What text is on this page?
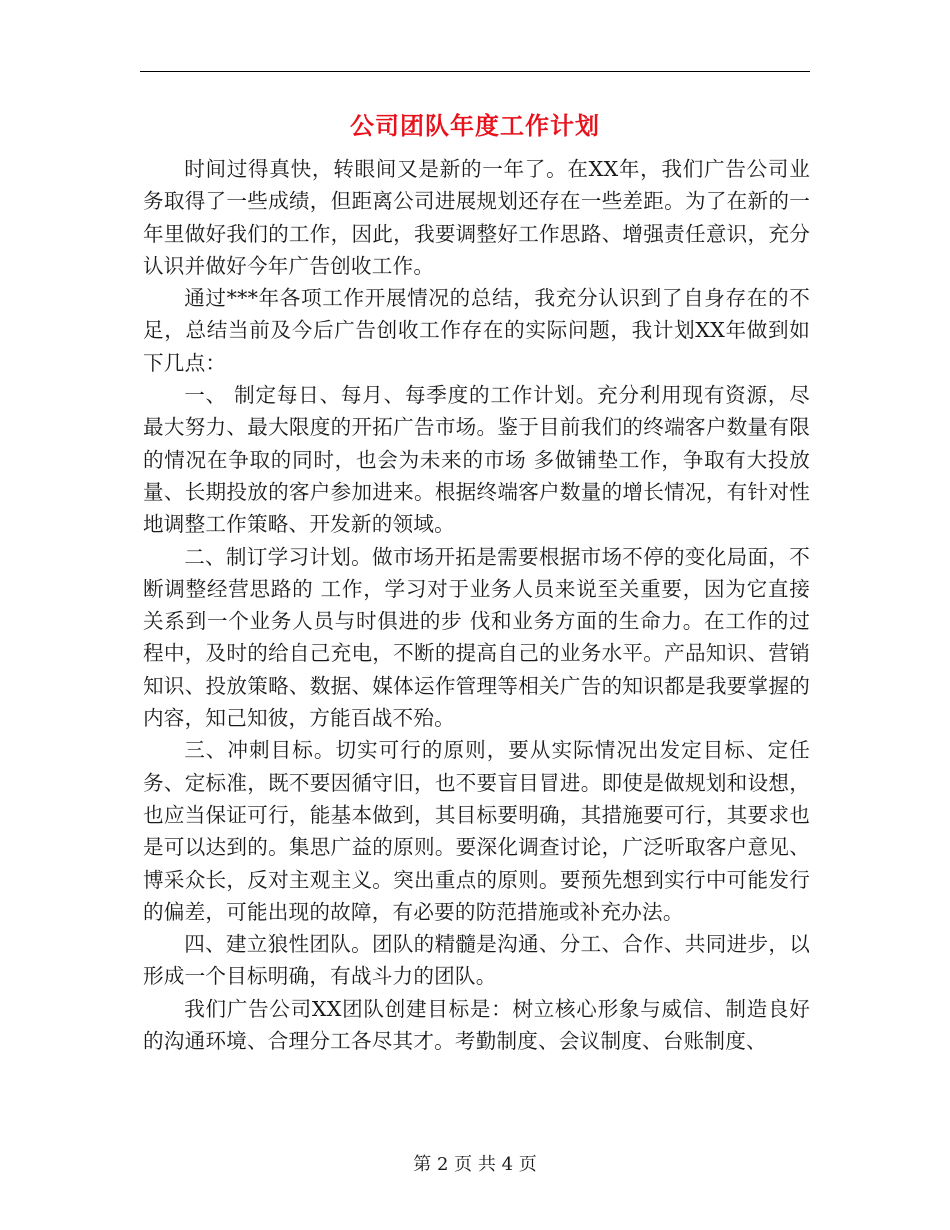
公司团队年度工作计划

时间过得真快，转眼间又是新的一年了。在XX年，我们广告公司业务取得了一些成绩，但距离公司进展规划还存在一些差距。为了在新的一年里做好我们的工作，因此，我要调整好工作思路、增强责任意识，充分认识并做好今年广告创收工作。

通过***年各项工作开展情况的总结，我充分认识到了自身存在的不足，总结当前及今后广告创收工作存在的实际问题，我计划XX年做到如下几点：

一、 制定每日、每月、每季度的工作计划。充分利用现有资源，尽最大努力、最大限度的开拓广告市场。鉴于目前我们的终端客户数量有限的情况在争取的同时，也会为未来的市场 多做铺垫工作，争取有大投放量、长期投放的客户参加进来。根据终端客户数量的增长情况，有针对性地调整工作策略、开发新的领域。

二、制订学习计划。做市场开拓是需要根据市场不停的变化局面，不断调整经营思路的 工作，学习对于业务人员来说至关重要，因为它直接关系到一个业务人员与时俱进的步 伐和业务方面的生命力。在工作的过程中，及时的给自己充电，不断的提高自己的业务水平。产品知识、营销知识、投放策略、数据、媒体运作管理等相关广告的知识都是我要掌握的内容，知己知彼，方能百战不殆。

三、冲刺目标。切实可行的原则，要从实际情况出发定目标、定任务、定标准，既不要因循守旧，也不要盲目冒进。即使是做规划和设想，也应当保证可行，能基本做到，其目标要明确，其措施要可行，其要求也是可以达到的。集思广益的原则。要深化调查讨论，广泛听取客户意见、博采众长，反对主观主义。突出重点的原则。要预先想到实行中可能发行的偏差，可能出现的故障，有必要的防范措施或补充办法。

四、建立狼性团队。团队的精髓是沟通、分工、合作、共同进步，以形成一个目标明确，有战斗力的团队。

我们广告公司XX团队创建目标是：树立核心形象与威信、制造良好的沟通环境、合理分工各尽其才。考勤制度、会议制度、台账制度、

第 2 页 共 4 页
